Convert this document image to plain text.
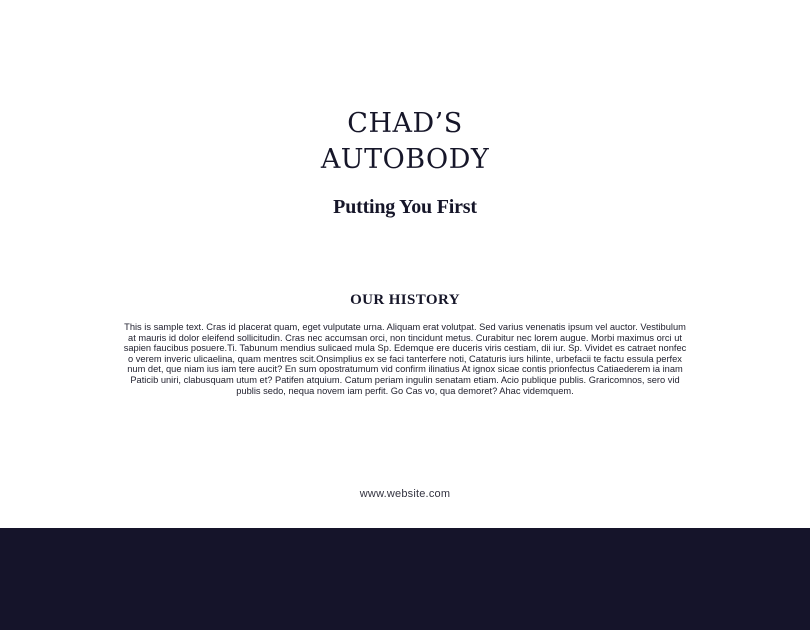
CHAD’S
AUTOBODY
Putting You First
OUR HISTORY
This is sample text. Cras id placerat quam, eget vulputate urna. Aliquam erat volutpat. Sed varius venenatis ipsum vel auctor. Vestibulum at mauris id dolor eleifend sollicitudin. Cras nec accumsan orci, non tincidunt metus. Curabitur nec lorem augue. Morbi maximus orci ut sapien faucibus posuere.Ti. Tabunum mendius sulicaed mula Sp. Edemque ere duceris viris cestiam, dii iur. Sp. Vividet es catraet nonfec o verem inveric ulicaelina, quam mentres scit.Onsimplius ex se faci tanterfere noti, Cataturis iurs hilinte, urbefacii te factu essula perfex num det, que niam ius iam tere aucit? En sum opostratumum vid confirm ilinatius At ignox sicae contis prionfectus Catiaederem ia inam Paticib uniri, clabusquam utum et? Patifen atquium. Catum periam ingulin senatam etiam. Acio publique publis. Graricomnos, sero vid publis sedo, nequa novem iam perfit. Go Cas vo, qua demoret? Ahac videmquem.
www.website.com
